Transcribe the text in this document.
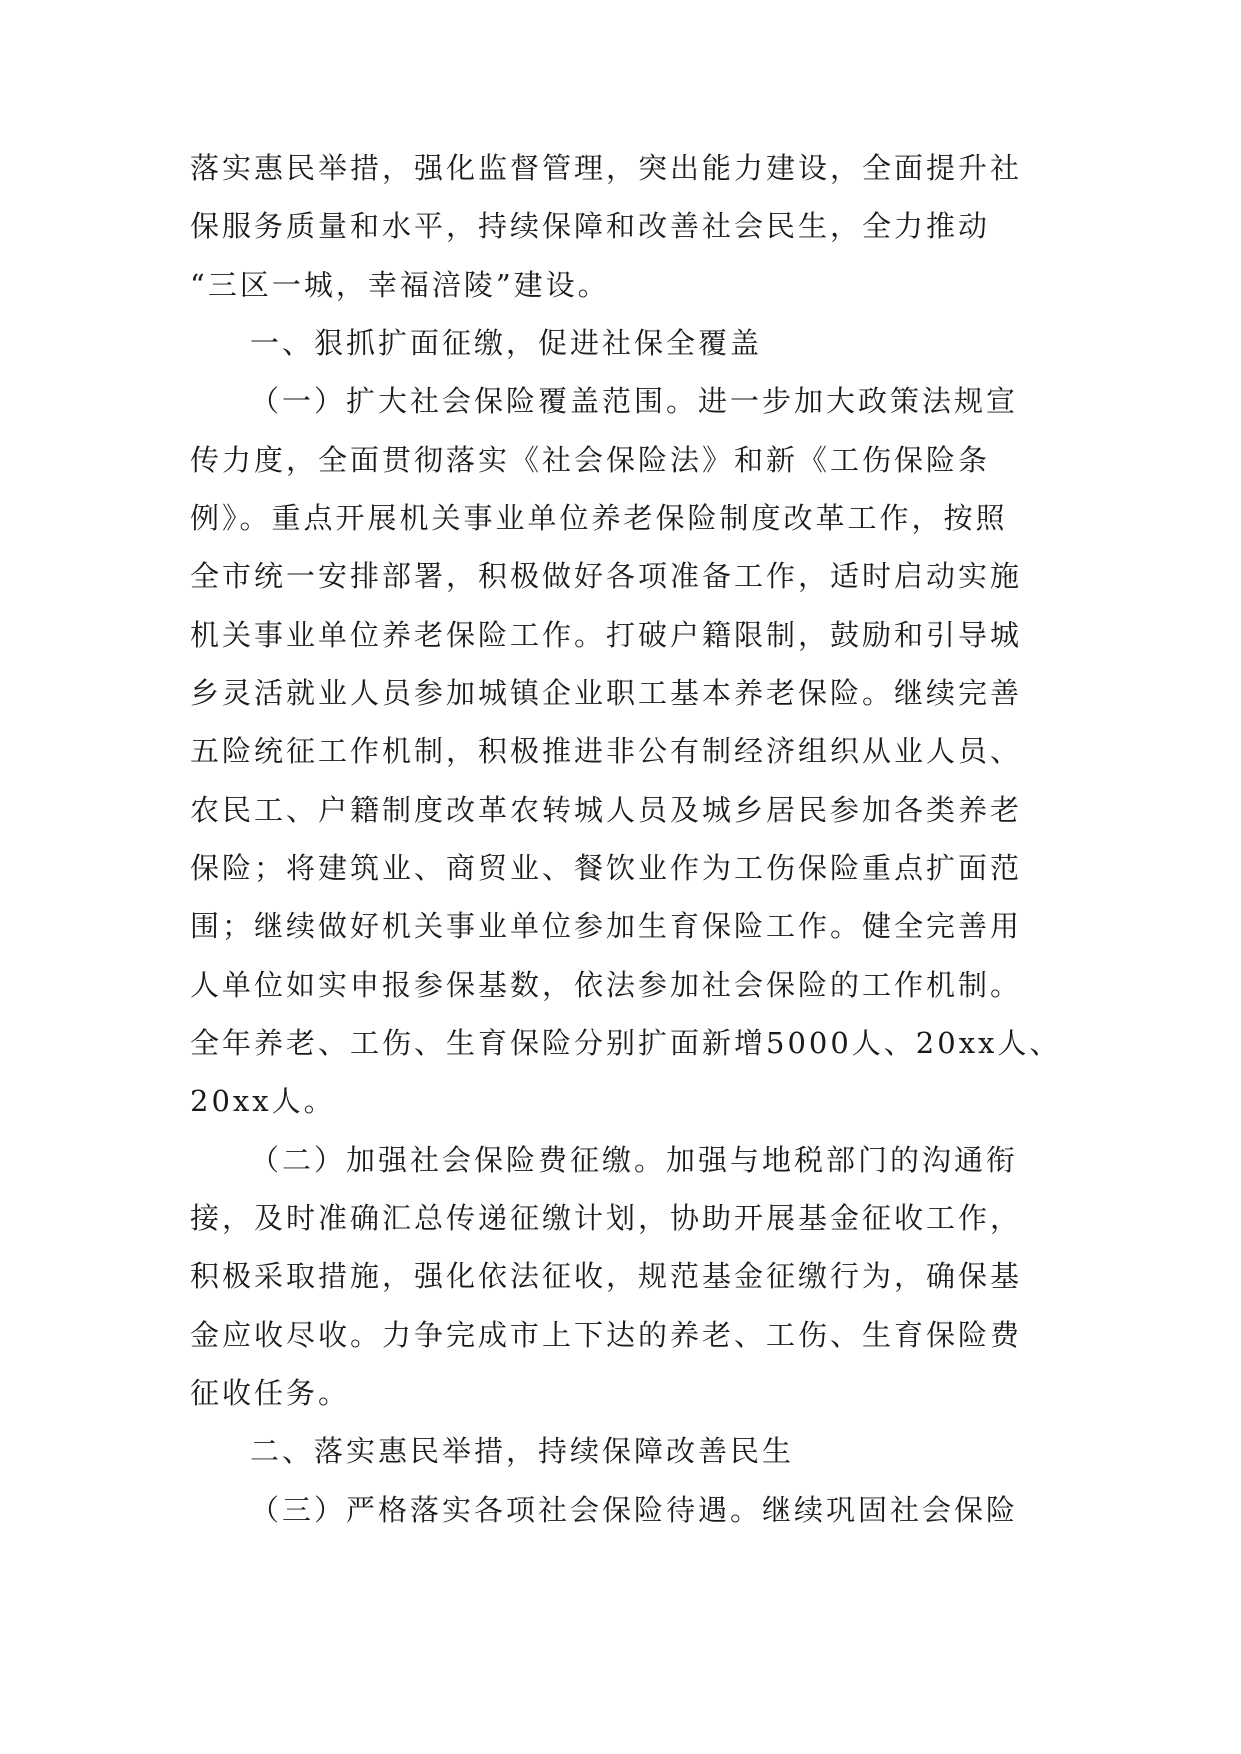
落实惠民举措，强化监督管理，突出能力建设，全面提升社
保服务质量和水平，持续保障和改善社会民生，全力推动
“三区一城，幸福涪陵”建设。
一、狠抓扩面征缴，促进社保全覆盖
（一）扩大社会保险覆盖范围。进一步加大政策法规宣
传力度，全面贯彻落实《社会保险法》和新《工伤保险条
例》。重点开展机关事业单位养老保险制度改革工作，按照
全市统一安排部署，积极做好各项准备工作，适时启动实施
机关事业单位养老保险工作。打破户籍限制，鼓励和引导城
乡灵活就业人员参加城镇企业职工基本养老保险。继续完善
五险统征工作机制，积极推进非公有制经济组织从业人员、
农民工、户籍制度改革农转城人员及城乡居民参加各类养老
保险；将建筑业、商贸业、餐饮业作为工伤保险重点扩面范
围；继续做好机关事业单位参加生育保险工作。健全完善用
人单位如实申报参保基数，依法参加社会保险的工作机制。
全年养老、工伤、生育保险分别扩面新增5000人、20xx人、
20xx人。
（二）加强社会保险费征缴。加强与地税部门的沟通衔
接，及时准确汇总传递征缴计划，协助开展基金征收工作，
积极采取措施，强化依法征收，规范基金征缴行为，确保基
金应收尽收。力争完成市上下达的养老、工伤、生育保险费
征收任务。
二、落实惠民举措，持续保障改善民生
（三）严格落实各项社会保险待遇。继续巩固社会保险
